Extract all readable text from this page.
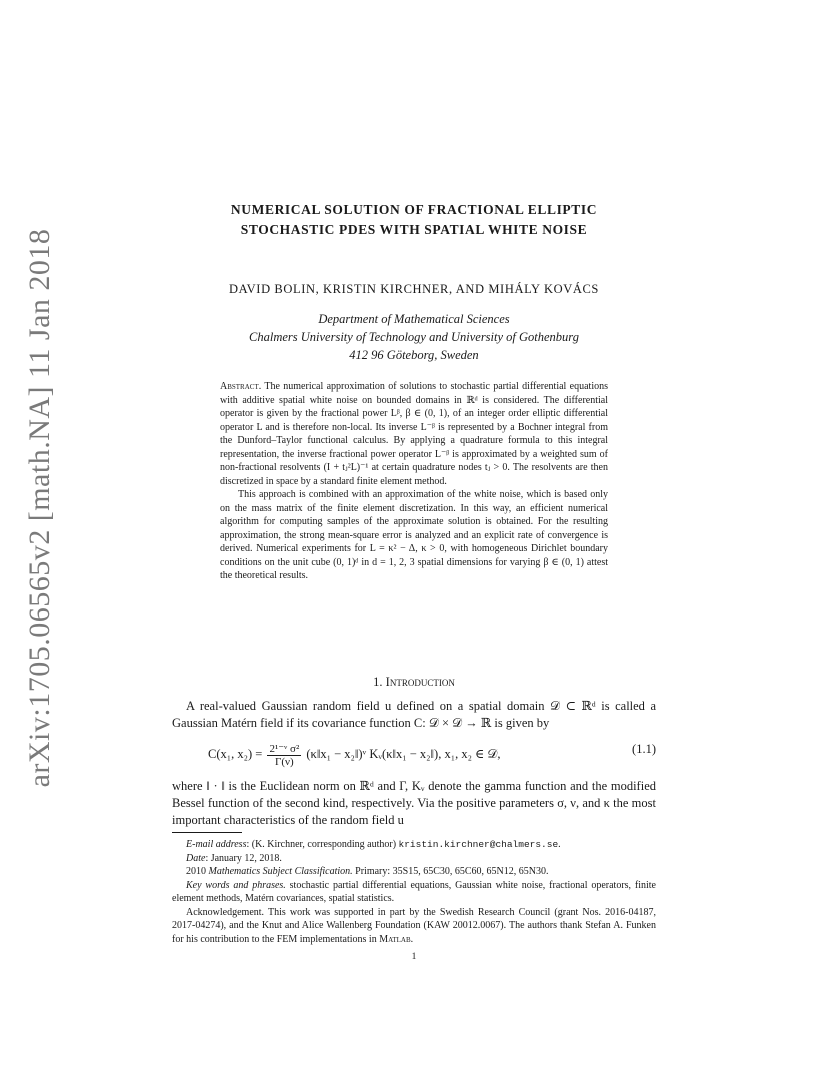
arXiv:1705.06565v2 [math.NA] 11 Jan 2018
NUMERICAL SOLUTION OF FRACTIONAL ELLIPTIC
STOCHASTIC PDES WITH SPATIAL WHITE NOISE
DAVID BOLIN, KRISTIN KIRCHNER, AND MIHÁLY KOVÁCS
Department of Mathematical Sciences
Chalmers University of Technology and University of Gothenburg
412 96 Göteborg, Sweden

Abstract. The numerical approximation of solutions to stochastic partial differential equations with additive spatial white noise on bounded domains in ℝᵈ is considered. The differential operator is given by the fractional power Lᵝ, β ∈ (0, 1), of an integer order elliptic differential operator L and is therefore non-local. Its inverse L⁻ᵝ is represented by a Bochner integral from the Dunford–Taylor functional calculus. By applying a quadrature formula to this integral representation, the inverse fractional power operator L⁻ᵝ is approximated by a weighted sum of non-fractional resolvents (I + tⱼ²L)⁻¹ at certain quadrature nodes tⱼ > 0. The resolvents are then discretized in space by a standard finite element method.

This approach is combined with an approximation of the white noise, which is based only on the mass matrix of the finite element discretization. In this way, an efficient numerical algorithm for computing samples of the approximate solution is obtained. For the resulting approximation, the strong mean-square error is analyzed and an explicit rate of convergence is derived. Numerical experiments for L = κ² − Δ, κ > 0, with homogeneous Dirichlet boundary conditions on the unit cube (0, 1)ᵈ in d = 1, 2, 3 spatial dimensions for varying β ∈ (0, 1) attest the theoretical results.

1. Introduction

A real-valued Gaussian random field u defined on a spatial domain 𝒟 ⊂ ℝᵈ is called a Gaussian Matérn field if its covariance function C: 𝒟 × 𝒟 → ℝ is given by

C(x₁, $x_2) = \frac{\text{2¹⁻ᵛ σ²}}{\Gamma(\nu)}$ (κ‖x₁ − x₂‖)ᵛ Kᵥ(κ‖x₁ − x₂‖), x₁, x₂ ∈ 𝒟,	(1.1)

where ‖ · ‖ is the Euclidean norm on ℝᵈ and Γ, Kᵥ denote the gamma function and the modified Bessel function of the second kind, respectively. Via the positive parameters σ, ν, and κ the most important characteristics of the random field u

E-mail address: (K. Kirchner, corresponding author) kristin.kirchner@chalmers.se.

Date: January 12, 2018.

2010 Mathematics Subject Classification. Primary: 35S15, 65C30, 65C60, 65N12, 65N30.

Key words and phrases. stochastic partial differential equations, Gaussian white noise, fractional operators, finite element methods, Matérn covariances, spatial statistics.

Acknowledgement. This work was supported in part by the Swedish Research Council (grant Nos. 2016-04187, 2017-04274), and the Knut and Alice Wallenberg Foundation (KAW 20012.0067). The authors thank Stefan A. Funken for his contribution to the FEM implementations in Matlab.

1
